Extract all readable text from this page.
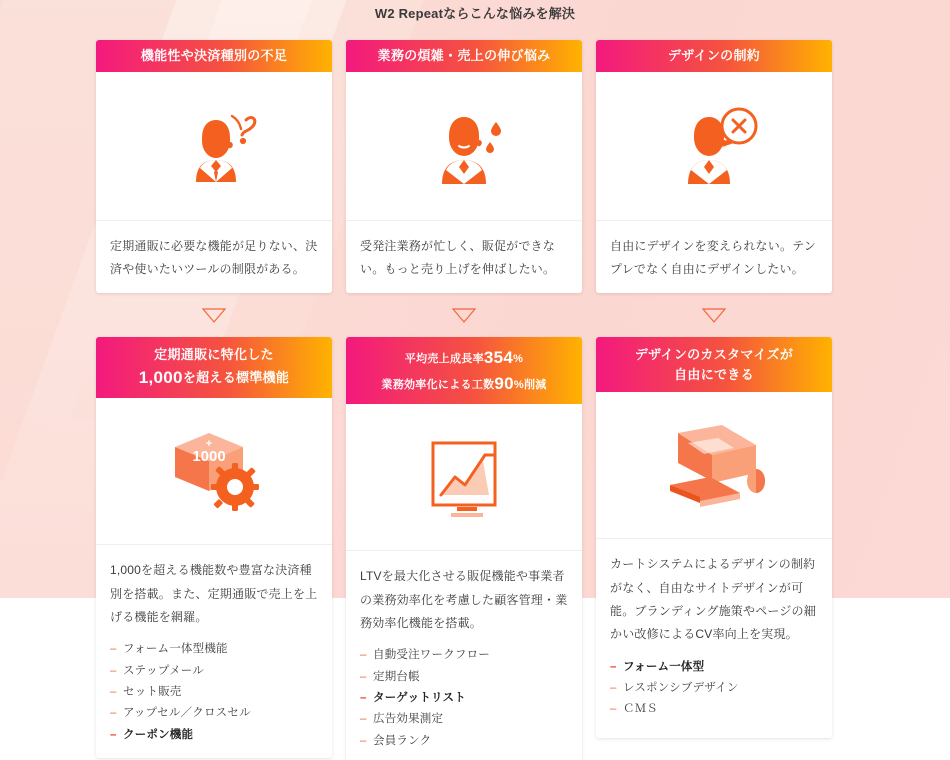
W2 Repeatならこんな悩みを解決
機能性や決済種別の不足
定期通販に必要な機能が足りない、決済や使いたいツールの制限がある。
業務の煩雑・売上の伸び悩み
受発注業務が忙しく、販促ができない。もっと売り上げを伸ばしたい。
デザインの制約
自由にデザインを変えられない。テンプレでなく自由にデザインしたい。
定期通販に特化した
1,000を超える標準機能
1000
+
1,000を超える機能数や豊富な決済種別を搭載。また、定期通販で売上を上げる機能を網羅。
– フォーム一体型機能
– ステップメール
– セット販売
– アップセル／クロスセル
– クーポン機能
平均売上成長率354%
業務効率化による工数90%削減
LTVを最大化させる販促機能や事業者の業務効率化を考慮した顧客管理・業務効率化機能を搭載。
– 自動受注ワークフロー
– 定期台帳
– ターゲットリスト
– 広告効果測定
– 会員ランク
デザインのカスタマイズが
自由にできる
カートシステムによるデザインの制約がなく、自由なサイトデザインが可能。ブランディング施策やページの細かい改修によるCV率向上を実現。
– フォーム一体型
– レスポンシブデザイン
– ＣＭＳ
